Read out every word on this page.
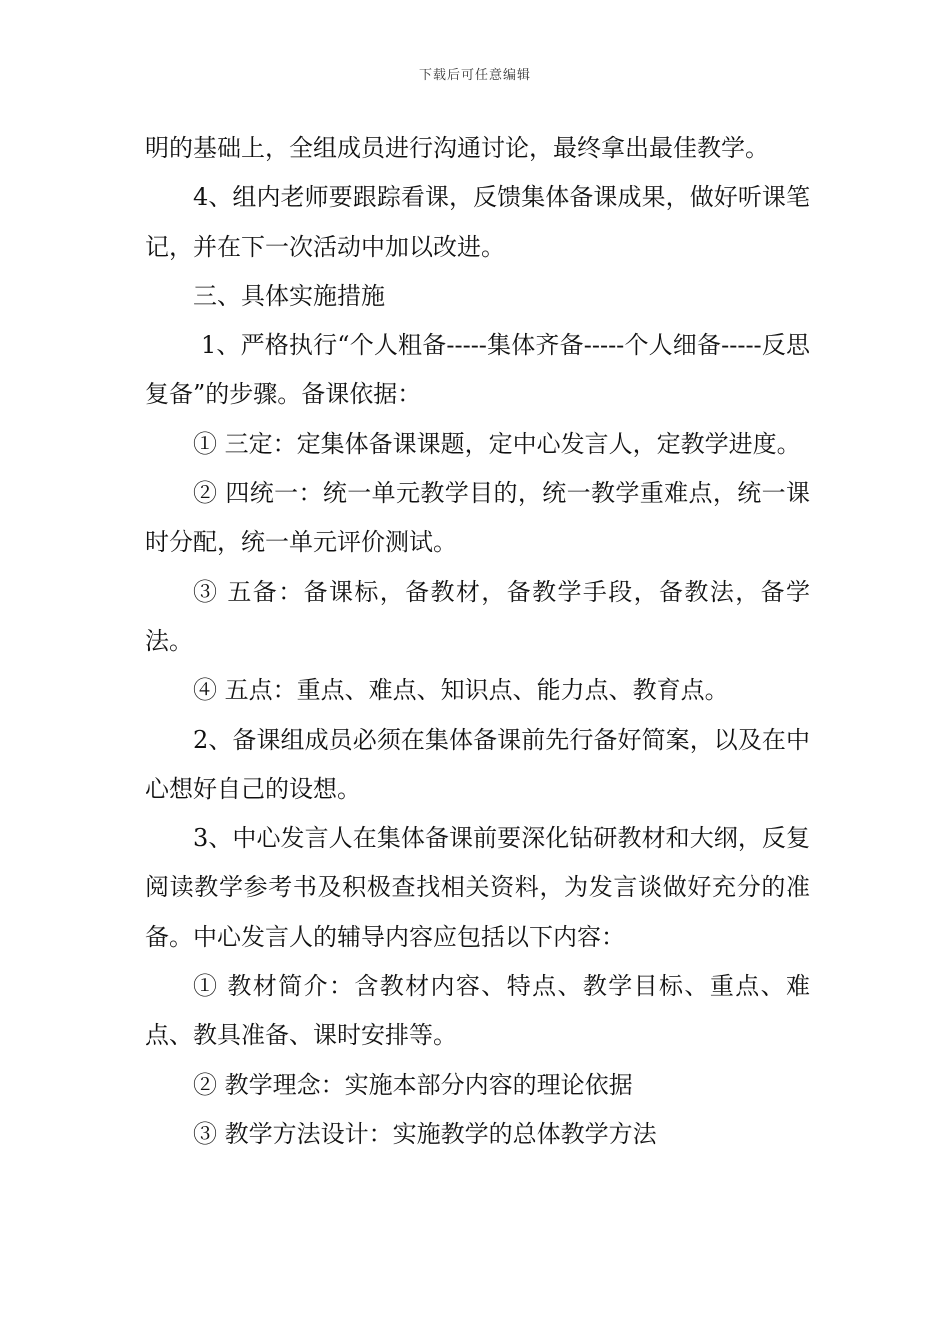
下载后可任意编辑

明的基础上，全组成员进行沟通讨论，最终拿出最佳教学。

4、组内老师要跟踪看课，反馈集体备课成果，做好听课笔记，并在下一次活动中加以改进。

三、具体实施措施

1、严格执行“个人粗备-----集体齐备-----个人细备-----反思复备”的步骤。备课依据：

① 三定：定集体备课课题，定中心发言人，定教学进度。

② 四统一：统一单元教学目的，统一教学重难点，统一课时分配，统一单元评价测试。

③ 五备：备课标，备教材，备教学手段，备教法，备学法。

④ 五点：重点、难点、知识点、能力点、教育点。

2、备课组成员必须在集体备课前先行备好简案，以及在中心想好自己的设想。

3、中心发言人在集体备课前要深化钻研教材和大纲，反复阅读教学参考书及积极查找相关资料，为发言谈做好充分的准备。中心发言人的辅导内容应包括以下内容：

① 教材简介：含教材内容、特点、教学目标、重点、难点、教具准备、课时安排等。

② 教学理念：实施本部分内容的理论依据

③ 教学方法设计：实施教学的总体教学方法
